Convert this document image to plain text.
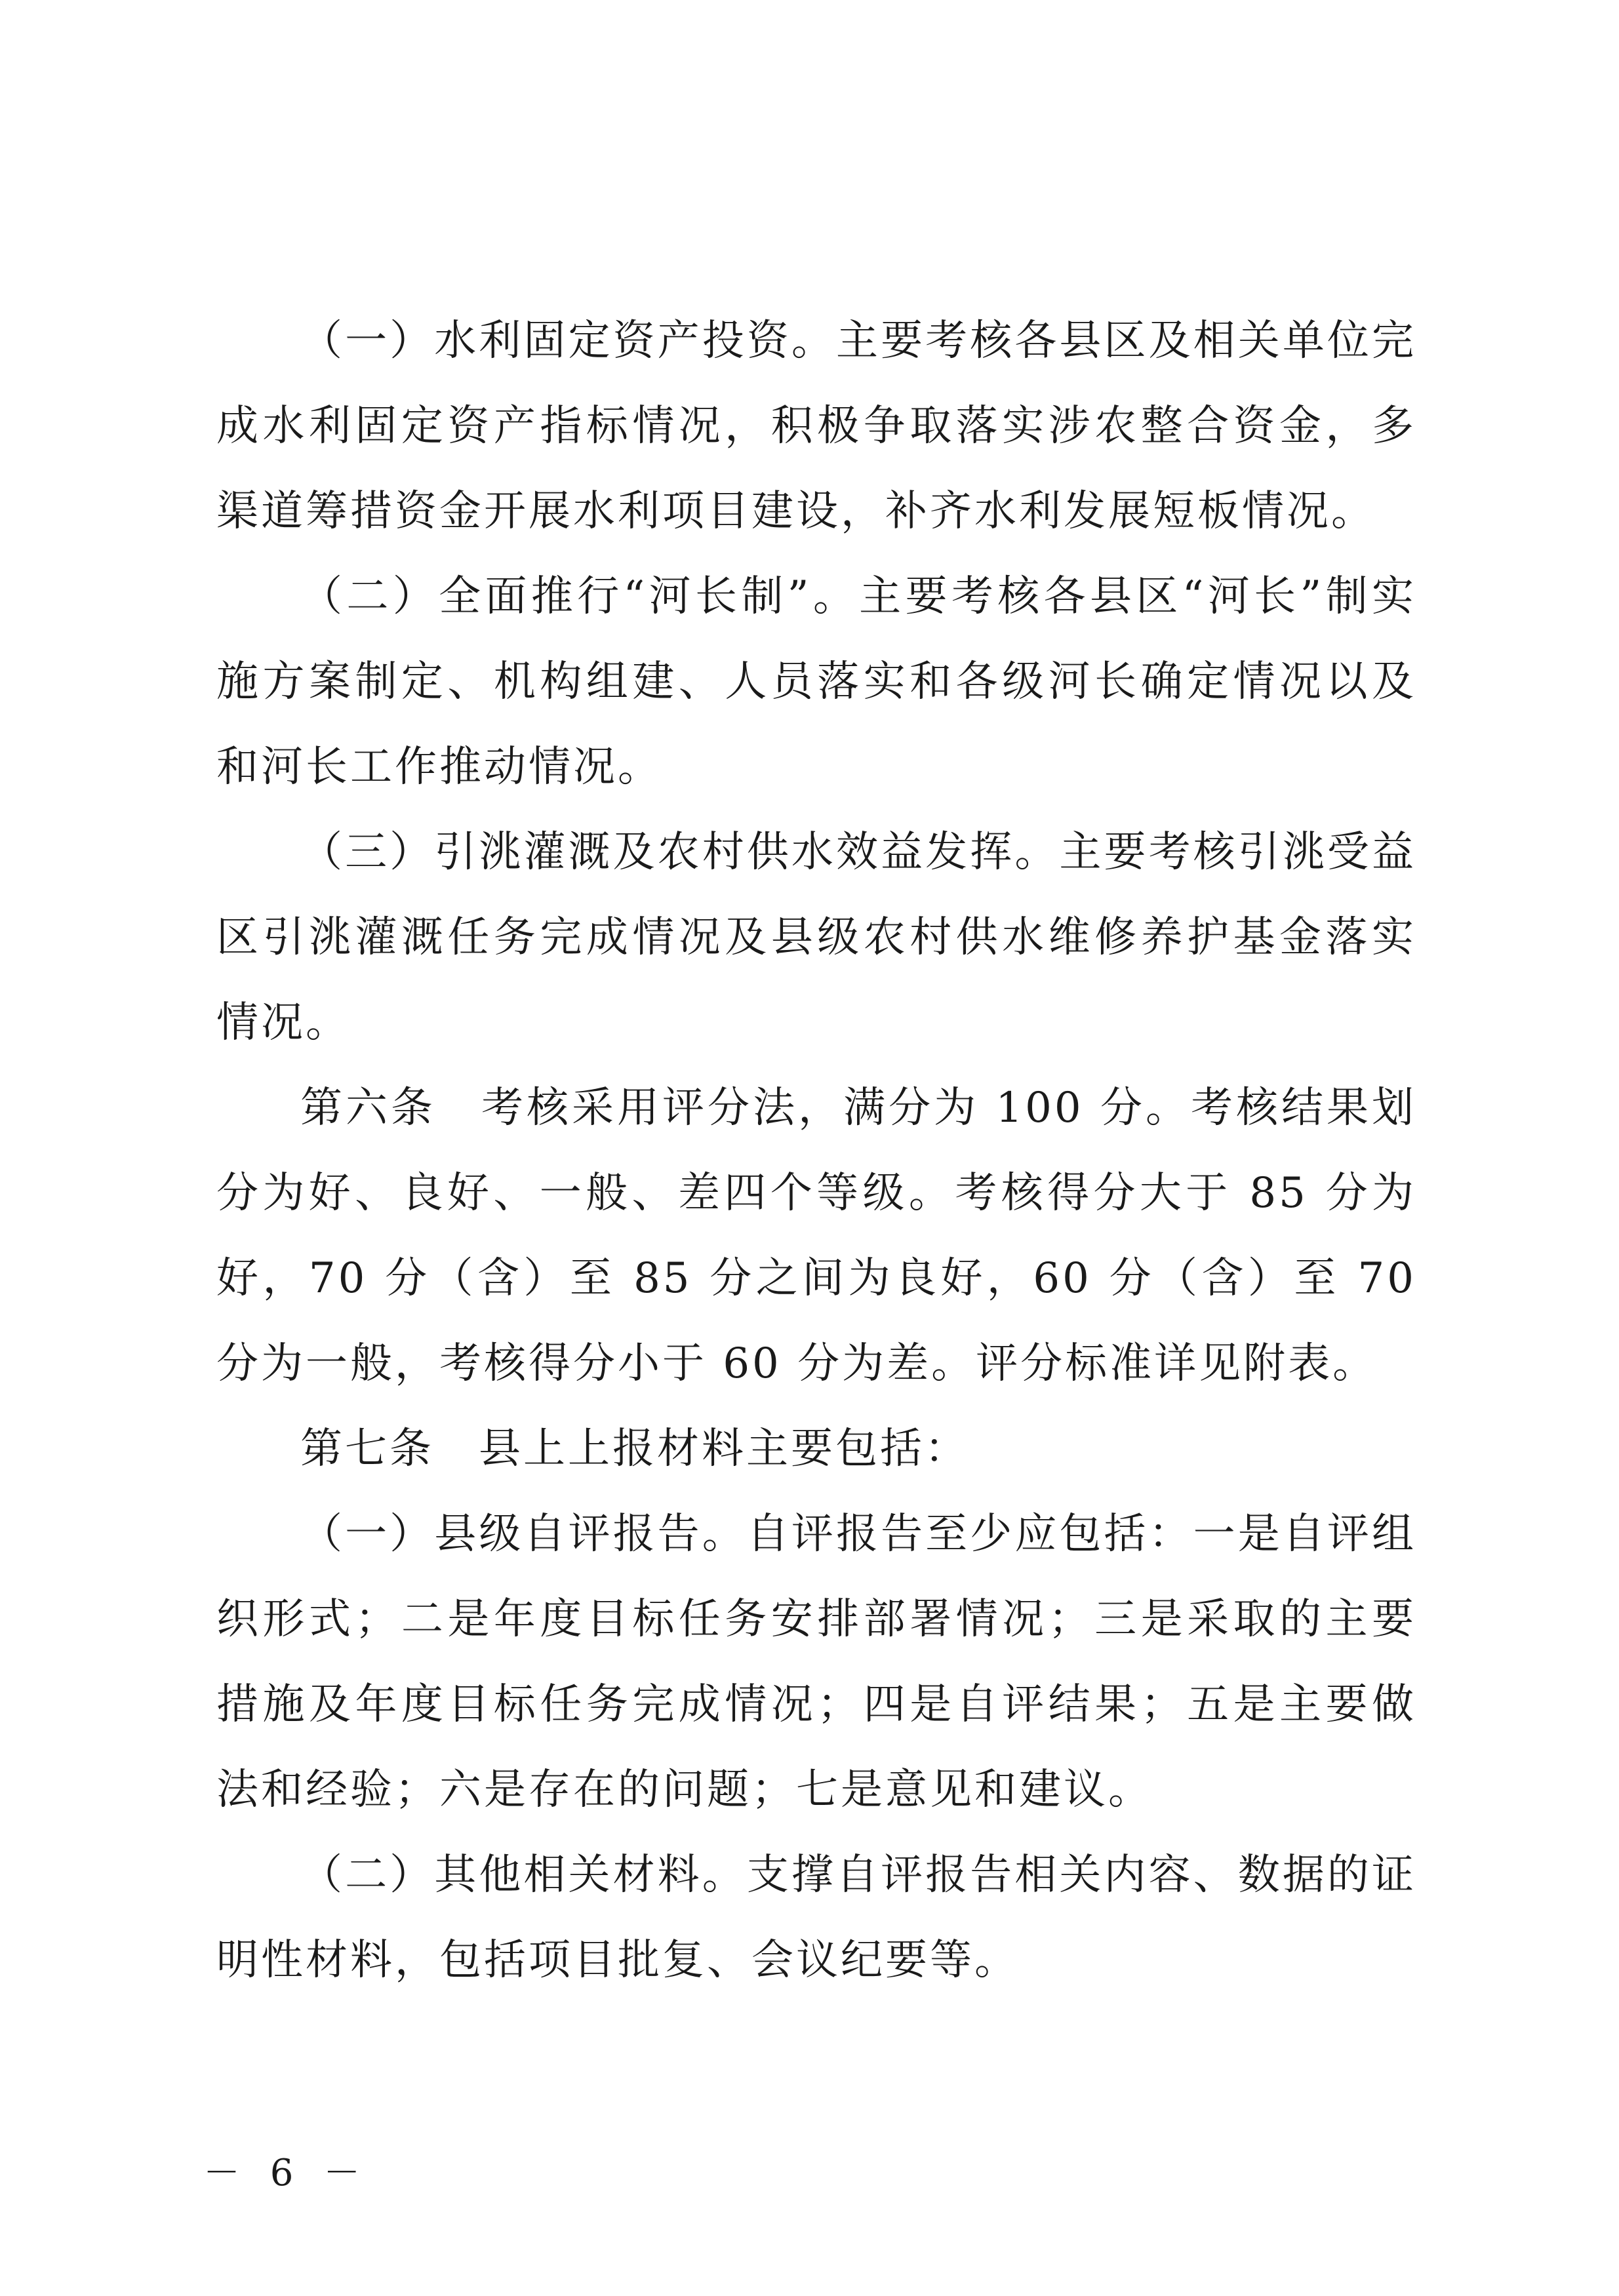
（一）水利固定资产投资。主要考核各县区及相关单位完成水利固定资产指标情况，积极争取落实涉农整合资金，多渠道筹措资金开展水利项目建设，补齐水利发展短板情况。

（二）全面推行“河长制”。主要考核各县区“河长”制实施方案制定、机构组建、人员落实和各级河长确定情况以及和河长工作推动情况。

（三）引洮灌溉及农村供水效益发挥。主要考核引洮受益区引洮灌溉任务完成情况及县级农村供水维修养护基金落实情况。

第六条　考核采用评分法，满分为 100 分。考核结果划分为好、良好、一般、差四个等级。考核得分大于 85 分为好，70 分（含）至 85 分之间为良好，60 分（含）至 70 分为一般，考核得分小于 60 分为差。评分标准详见附表。

第七条　县上上报材料主要包括：

（一）县级自评报告。自评报告至少应包括：一是自评组织形式；二是年度目标任务安排部署情况；三是采取的主要措施及年度目标任务完成情况；四是自评结果；五是主要做法和经验；六是存在的问题；七是意见和建议。

（二）其他相关材料。支撑自评报告相关内容、数据的证明性材料，包括项目批复、会议纪要等。

－ 6 －
